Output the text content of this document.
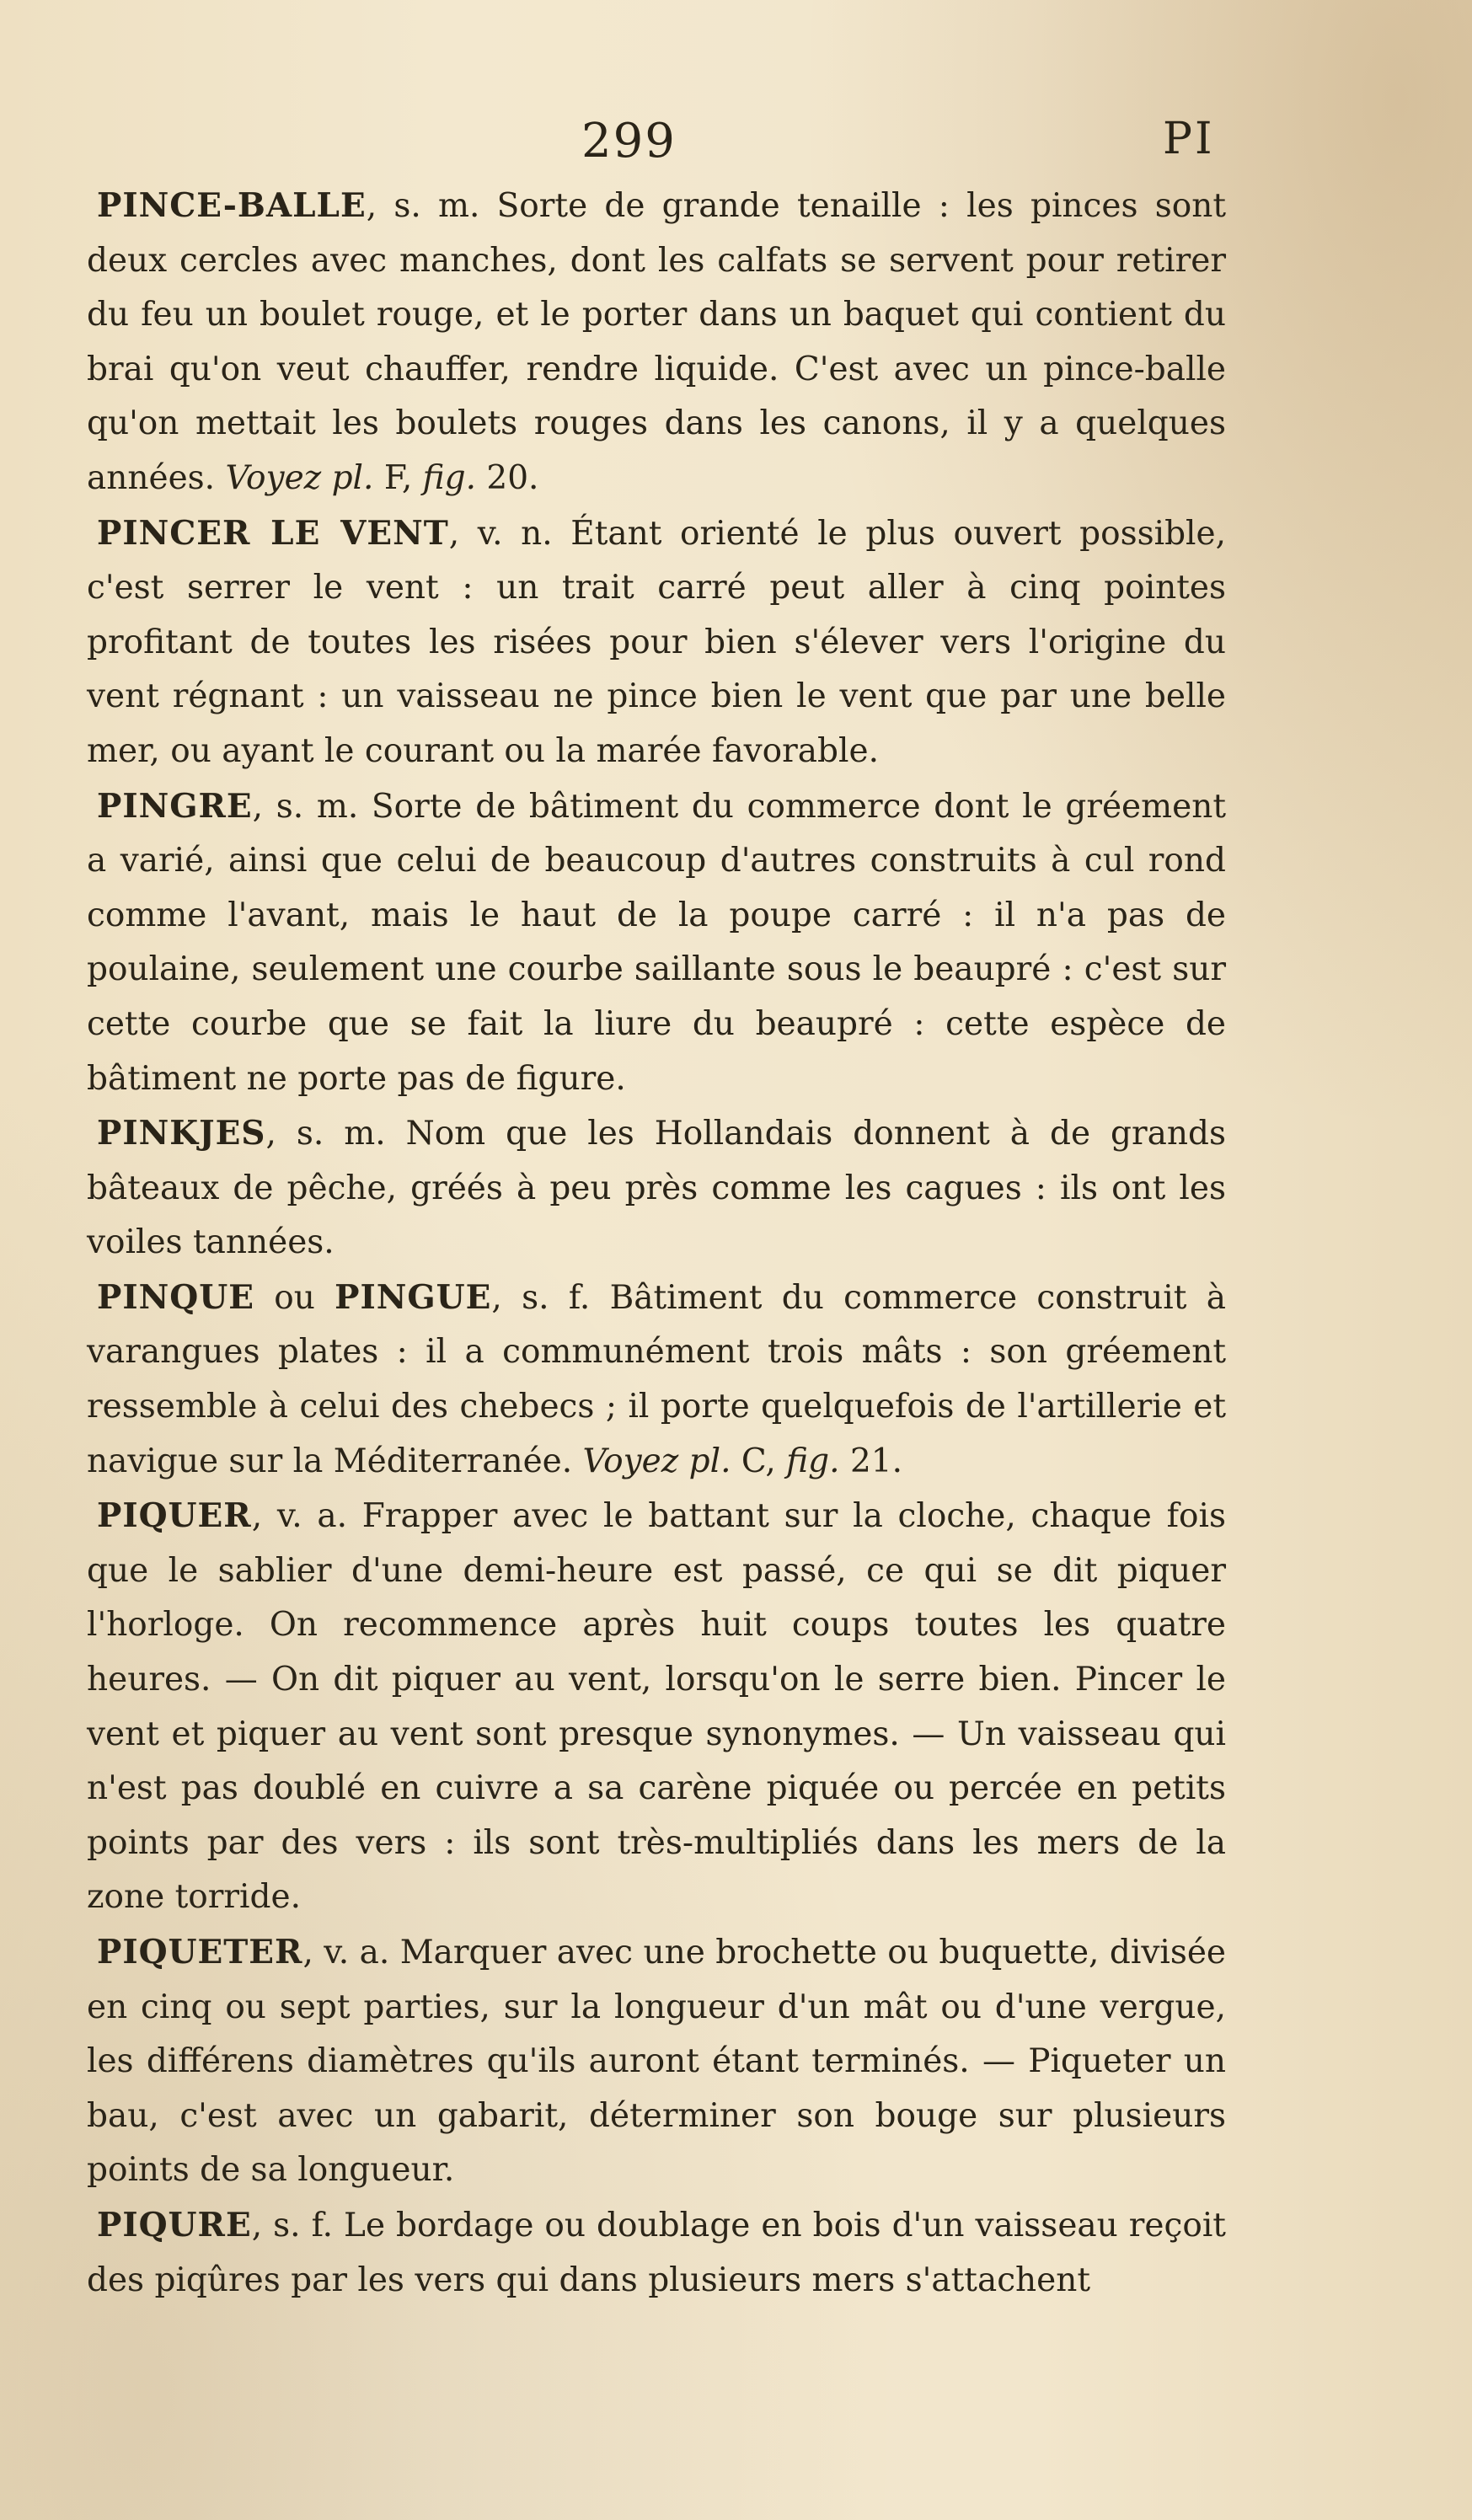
299	PI

PINCE-BALLE, s. m. Sorte de grande tenaille : les pinces sont deux cercles avec manches, dont les calfats se servent pour retirer du feu un boulet rouge, et le porter dans un baquet qui contient du brai qu'on veut chauffer, rendre liquide. C'est avec un pince-balle qu'on mettait les boulets rouges dans les canons, il y a quelques années. Voyez pl. F, fig. 20.

PINCER LE VENT, v. n. Étant orienté le plus ouvert possible, c'est serrer le vent : un trait carré peut aller à cinq pointes profitant de toutes les risées pour bien s'élever vers l'origine du vent régnant : un vaisseau ne pince bien le vent que par une belle mer, ou ayant le courant ou la marée favorable.

PINGRE, s. m. Sorte de bâtiment du commerce dont le gréement a varié, ainsi que celui de beaucoup d'autres construits à cul rond comme l'avant, mais le haut de la poupe carré : il n'a pas de poulaine, seulement une courbe saillante sous le beaupré : c'est sur cette courbe que se fait la liure du beaupré : cette espèce de bâtiment ne porte pas de figure.

PINKJES, s. m. Nom que les Hollandais donnent à de grands bâteaux de pêche, gréés à peu près comme les cagues : ils ont les voiles tannées.

PINQUE ou PINGUE, s. f. Bâtiment du commerce construit à varangues plates : il a communément trois mâts : son gréement ressemble à celui des chebecs ; il porte quelquefois de l'artillerie et navigue sur la Méditerranée. Voyez pl. C, fig. 21.

PIQUER, v. a. Frapper avec le battant sur la cloche, chaque fois que le sablier d'une demi-heure est passé, ce qui se dit piquer l'horloge. On recommence après huit coups toutes les quatre heures. — On dit piquer au vent, lorsqu'on le serre bien. Pincer le vent et piquer au vent sont presque synonymes. — Un vaisseau qui n'est pas doublé en cuivre a sa carène piquée ou percée en petits points par des vers : ils sont très-multipliés dans les mers de la zone torride.

PIQUETER, v. a. Marquer avec une brochette ou buquette, divisée en cinq ou sept parties, sur la longueur d'un mât ou d'une vergue, les différens diamètres qu'ils auront étant terminés. — Piqueter un bau, c'est avec un gabarit, déterminer son bouge sur plusieurs points de sa longueur.

PIQURE, s. f. Le bordage ou doublage en bois d'un vaisseau reçoit des piqûres par les vers qui dans plusieurs mers s'attachent
